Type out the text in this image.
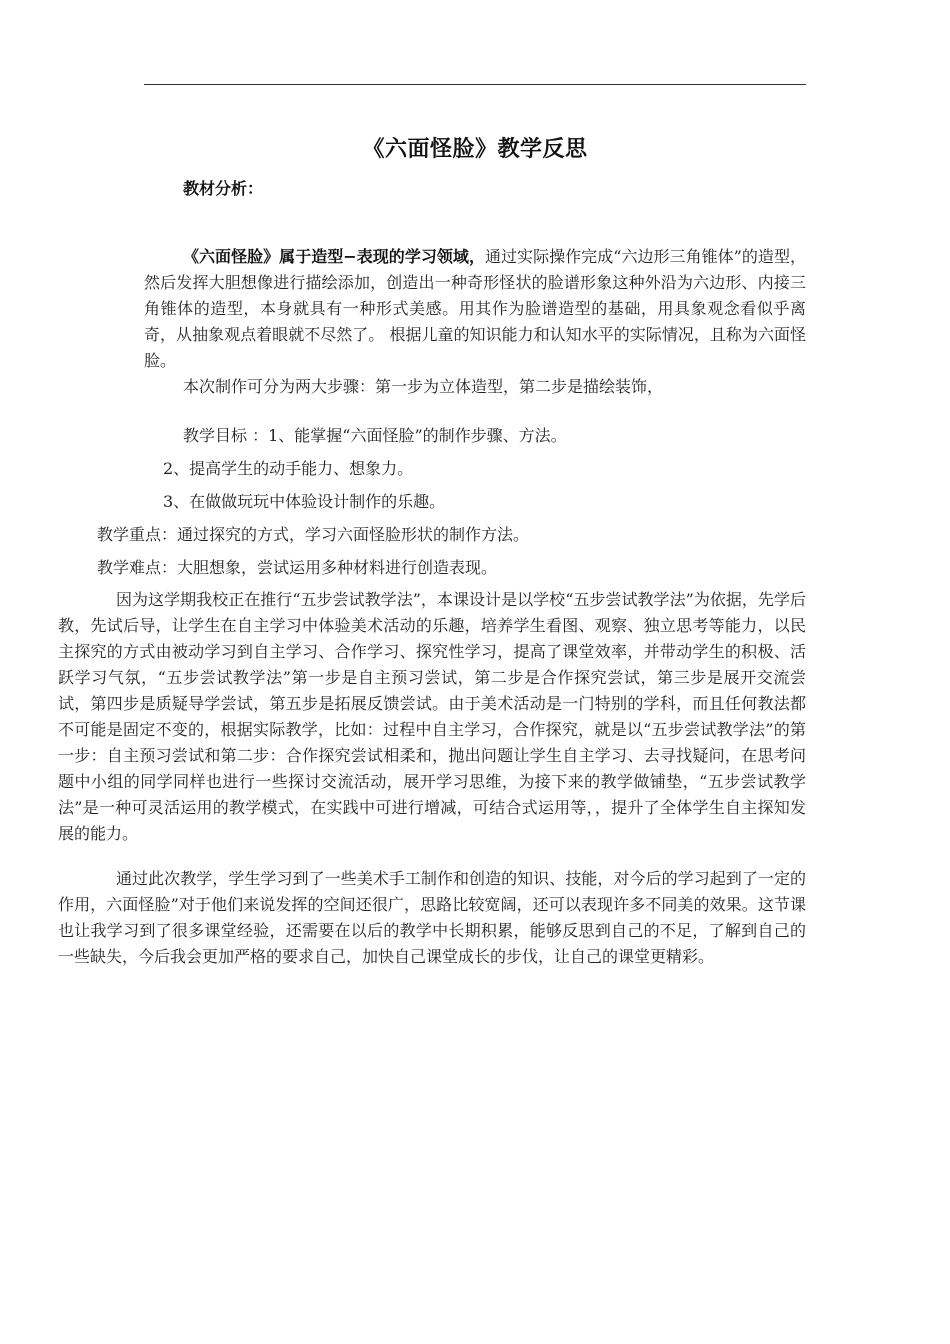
《六面怪脸》教学反思
教材分析：

《六面怪脸》属于造型−表现的学习领域，通过实际操作完成“六边形三角锥体”的造型，然后发挥大胆想像进行描绘添加，创造出一种奇形怪状的脸谱形象这种外沿为六边形、内接三角锥体的造型，本身就具有一种形式美感。用其作为脸谱造型的基础，用具象观念看似乎离奇，从抽象观点着眼就不尽然了。 根据儿童的知识能力和认知水平的实际情况，且称为六面怪脸。

本次制作可分为两大步骤：第一步为立体造型，第二步是描绘装饰，

教学目标 ：1、能掌握“六面怪脸”的制作步骤、方法。
2、提高学生的动手能力、想象力。
3、在做做玩玩中体验设计制作的乐趣。
教学重点：通过探究的方式，学习六面怪脸形状的制作方法。
教学难点：大胆想象，尝试运用多种材料进行创造表现。

因为这学期我校正在推行“五步尝试教学法”，本课设计是以学校“五步尝试教学法”为依据，先学后教，先试后导，让学生在自主学习中体验美术活动的乐趣，培养学生看图、观察、独立思考等能力，以民主探究的方式由被动学习到自主学习、合作学习、探究性学习，提高了课堂效率，并带动学生的积极、活跃学习气氛，“五步尝试教学法”第一步是自主预习尝试，第二步是合作探究尝试，第三步是展开交流尝试，第四步是质疑导学尝试，第五步是拓展反馈尝试。由于美术活动是一门特别的学科，而且任何教法都不可能是固定不变的，根据实际教学，比如：过程中自主学习，合作探究，就是以“五步尝试教学法”的第一步：自主预习尝试和第二步：合作探究尝试相柔和，抛出问题让学生自主学习、去寻找疑问，在思考问题中小组的同学同样也进行一些探讨交流活动，展开学习思维，为接下来的教学做铺垫，“五步尝试教学法”是一种可灵活运用的教学模式，在实践中可进行增减，可结合式运用等，，提升了全体学生自主探知发展的能力。

通过此次教学，学生学习到了一些美术手工制作和创造的知识、技能，对今后的学习起到了一定的作用，六面怪脸”对于他们来说发挥的空间还很广，思路比较宽阔，还可以表现许多不同美的效果。这节课也让我学习到了很多课堂经验，还需要在以后的教学中长期积累，能够反思到自己的不足，了解到自己的一些缺失，今后我会更加严格的要求自己，加快自己课堂成长的步伐，让自己的课堂更精彩。
